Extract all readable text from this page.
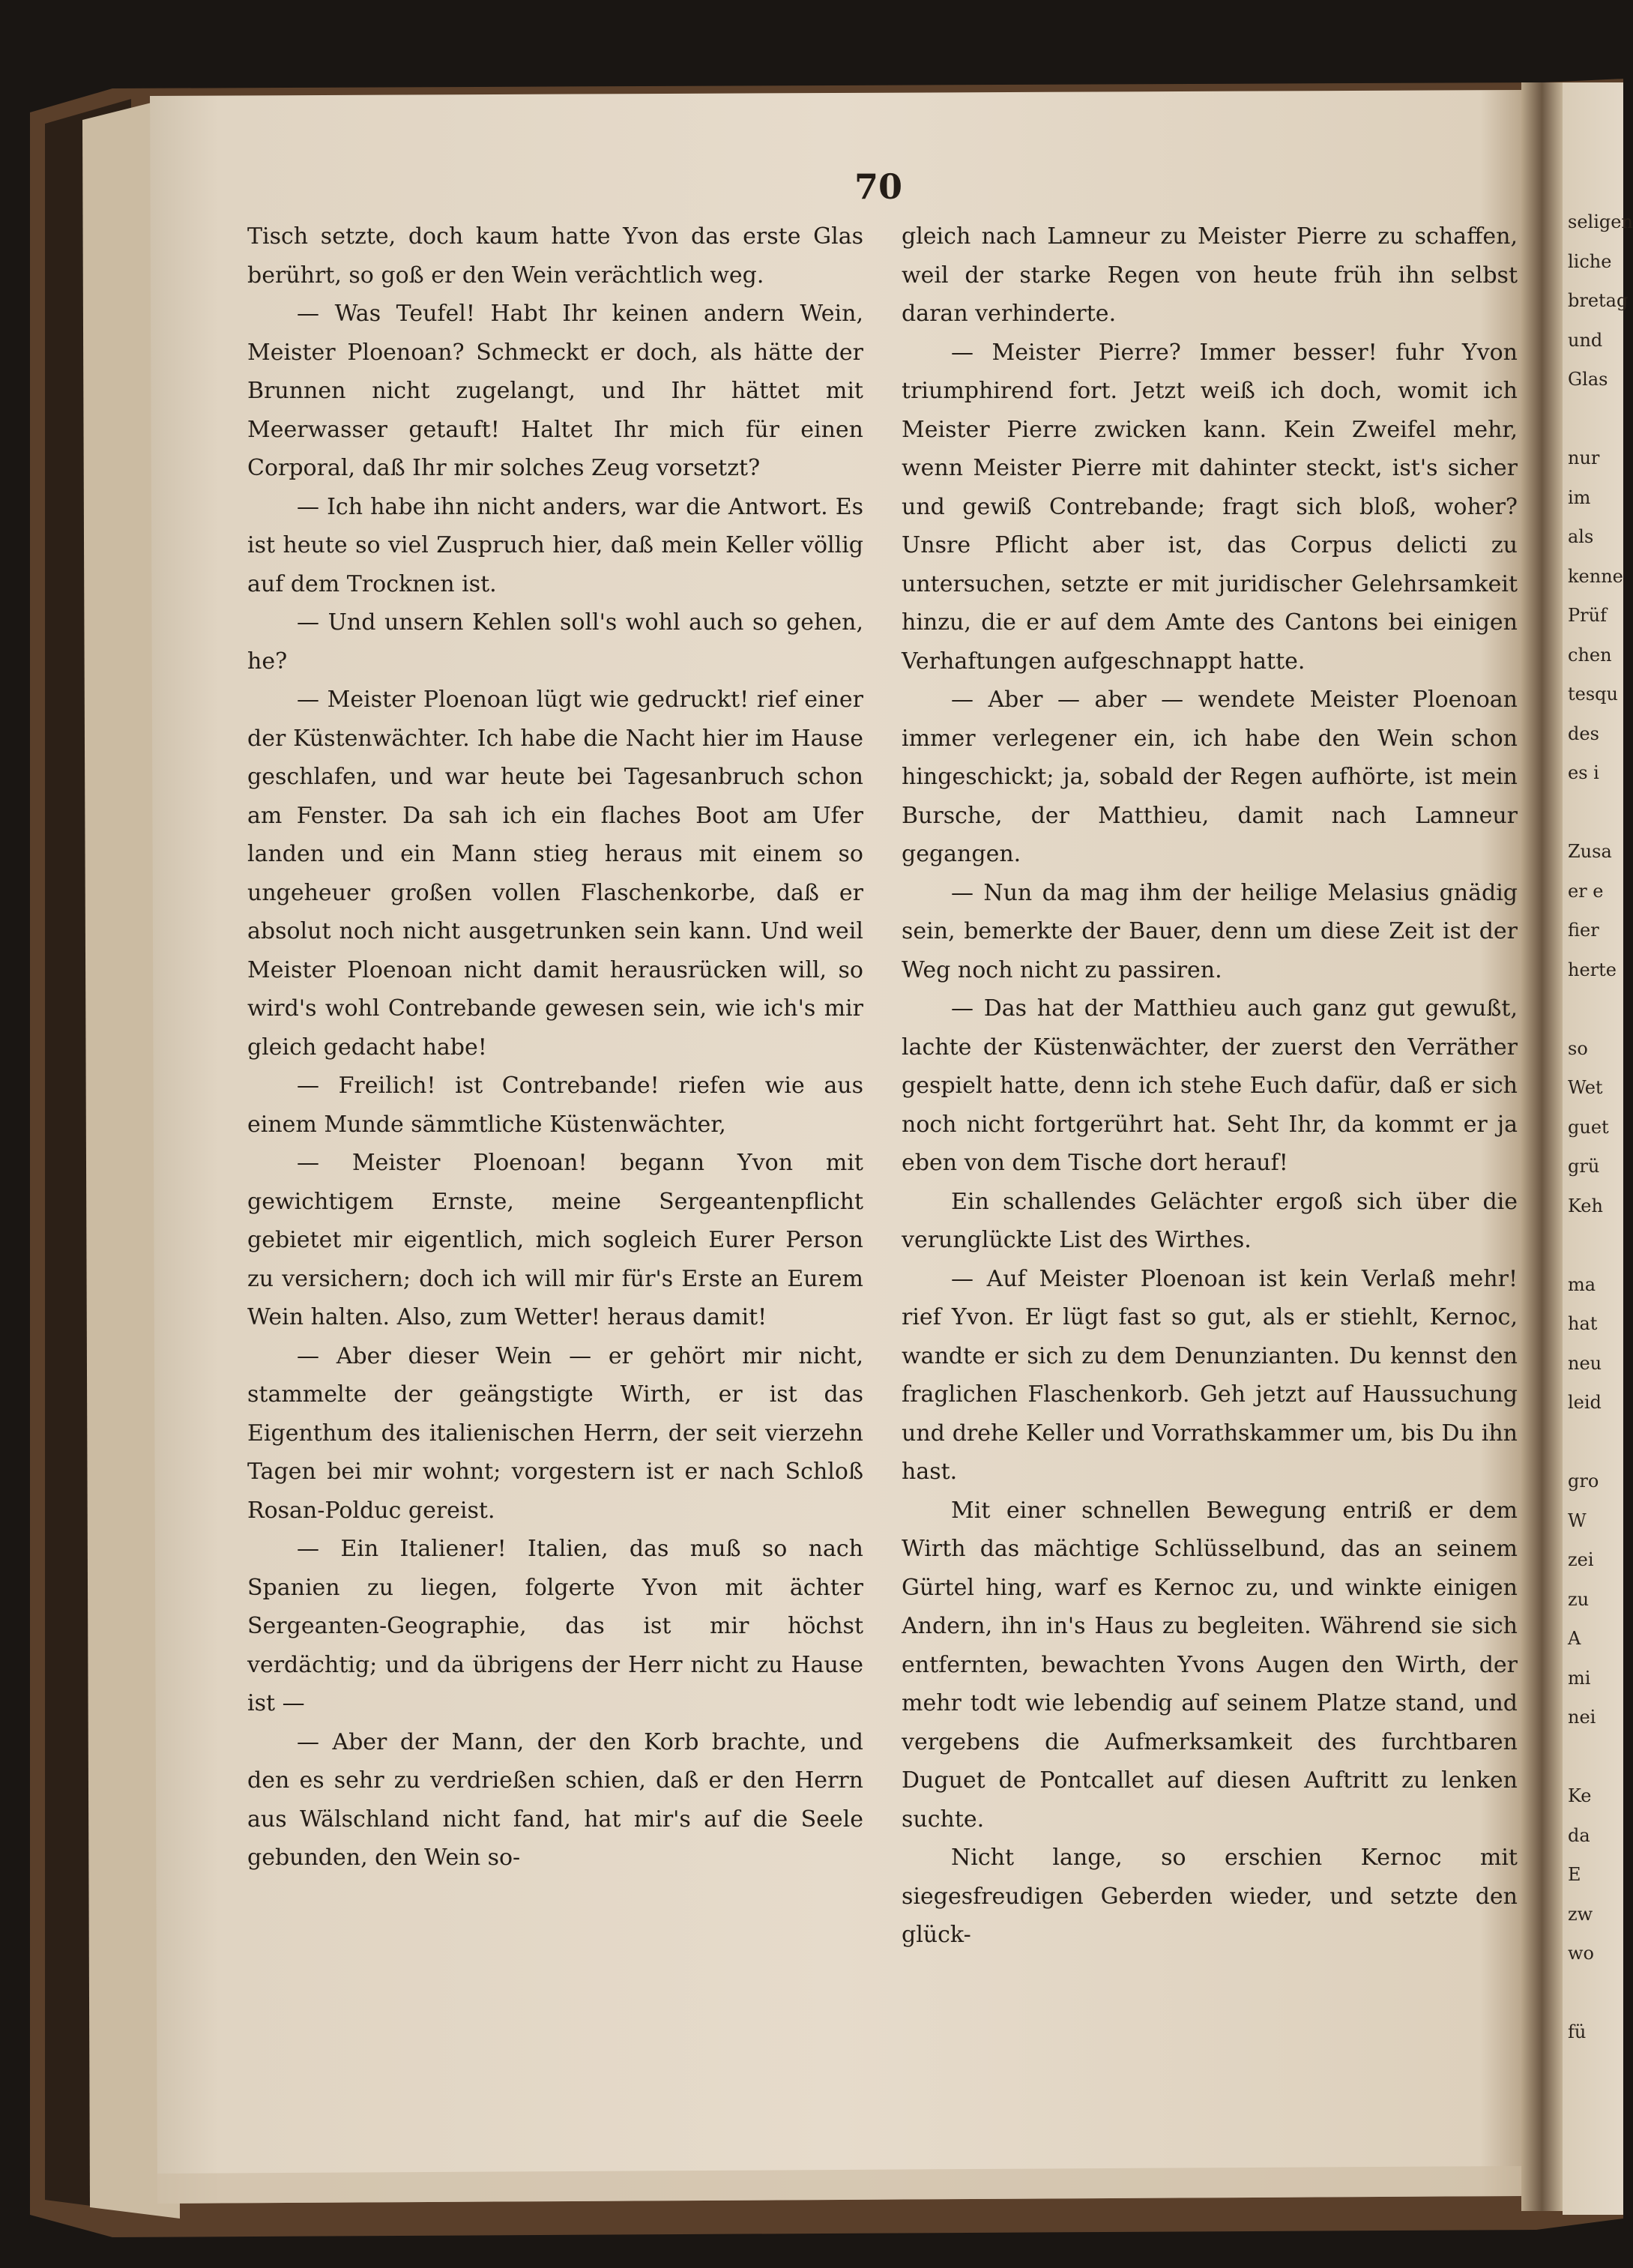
70

Tisch setzte, doch kaum hatte Yvon das erste Glas berührt, so goß er den Wein verächtlich weg.

— Was Teufel! Habt Ihr keinen andern Wein, Meister Ploenoan? Schmeckt er doch, als hätte der Brunnen nicht zugelangt, und Ihr hättet mit Meerwasser getauft! Haltet Ihr mich für einen Corporal, daß Ihr mir solches Zeug vorsetzt?

— Ich habe ihn nicht anders, war die Antwort. Es ist heute so viel Zuspruch hier, daß mein Keller völlig auf dem Trocknen ist.

— Und unsern Kehlen soll's wohl auch so gehen, he?

— Meister Ploenoan lügt wie gedruckt! rief einer der Küstenwächter. Ich habe die Nacht hier im Hause geschlafen, und war heute bei Tagesanbruch schon am Fenster. Da sah ich ein flaches Boot am Ufer landen und ein Mann stieg heraus mit einem so ungeheuer großen vollen Flaschenkorbe, daß er absolut noch nicht ausgetrunken sein kann. Und weil Meister Ploenoan nicht damit herausrücken will, so wird's wohl Contrebande gewesen sein, wie ich's mir gleich gedacht habe!

— Freilich! ist Contrebande! riefen wie aus einem Munde sämmtliche Küstenwächter,

— Meister Ploenoan! begann Yvon mit gewichtigem Ernste, meine Sergeantenpflicht gebietet mir eigentlich, mich sogleich Eurer Person zu versichern; doch ich will mir für's Erste an Eurem Wein halten. Also, zum Wetter! heraus damit!

— Aber dieser Wein — er gehört mir nicht, stammelte der geängstigte Wirth, er ist das Eigenthum des italienischen Herrn, der seit vierzehn Tagen bei mir wohnt; vorgestern ist er nach Schloß Rosan-Polduc gereist.

— Ein Italiener! Italien, das muß so nach Spanien zu liegen, folgerte Yvon mit ächter Sergeanten-Geographie, das ist mir höchst verdächtig; und da übrigens der Herr nicht zu Hause ist —

— Aber der Mann, der den Korb brachte, und den es sehr zu verdrießen schien, daß er den Herrn aus Wälschland nicht fand, hat mir's auf die Seele gebunden, den Wein so-

gleich nach Lamneur zu Meister Pierre zu schaffen, weil der starke Regen von heute früh ihn selbst daran verhinderte.

— Meister Pierre? Immer besser! fuhr Yvon triumphirend fort. Jetzt weiß ich doch, womit ich Meister Pierre zwicken kann. Kein Zweifel mehr, wenn Meister Pierre mit dahinter steckt, ist's sicher und gewiß Contrebande; fragt sich bloß, woher? Unsre Pflicht aber ist, das Corpus delicti zu untersuchen, setzte er mit juridischer Gelehrsamkeit hinzu, die er auf dem Amte des Cantons bei einigen Verhaftungen aufgeschnappt hatte.

— Aber — aber — wendete Meister Ploenoan immer verlegener ein, ich habe den Wein schon hingeschickt; ja, sobald der Regen aufhörte, ist mein Bursche, der Matthieu, damit nach Lamneur gegangen.

— Nun da mag ihm der heilige Melasius gnädig sein, bemerkte der Bauer, denn um diese Zeit ist der Weg noch nicht zu passiren.

— Das hat der Matthieu auch ganz gut gewußt, lachte der Küstenwächter, der zuerst den Verräther gespielt hatte, denn ich stehe Euch dafür, daß er sich noch nicht fortgerührt hat. Seht Ihr, da kommt er ja eben von dem Tische dort herauf!

Ein schallendes Gelächter ergoß sich über die verunglückte List des Wirthes.

— Auf Meister Ploenoan ist kein Verlaß mehr! rief Yvon. Er lügt fast so gut, als er stiehlt, Kernoc, wandte er sich zu dem Denunzianten. Du kennst den fraglichen Flaschenkorb. Geh jetzt auf Haussuchung und drehe Keller und Vorrathskammer um, bis Du ihn hast.

Mit einer schnellen Bewegung entriß er dem Wirth das mächtige Schlüsselbund, das an seinem Gürtel hing, warf es Kernoc zu, und winkte einigen Andern, ihn in's Haus zu begleiten. Während sie sich entfernten, bewachten Yvons Augen den Wirth, der mehr todt wie lebendig auf seinem Platze stand, und vergebens die Aufmerksamkeit des furchtbaren Duguet de Pontcallet auf diesen Auftritt zu lenken suchte.

Nicht lange, so erschien Kernoc mit siegesfreudigen Geberden wieder, und setzte den glück-

seligen
liche
bretag
und
Glas
nur
im
als
kenne
Prüf
chen
tesqu
des
es i
Zusa
er e
fier
herte
so
Wet
guet
grü
Keh
ma
hat
neu
leid
gro
W
zei
zu
A
mi
nei
Ke
da
E
zw
wo
fü
